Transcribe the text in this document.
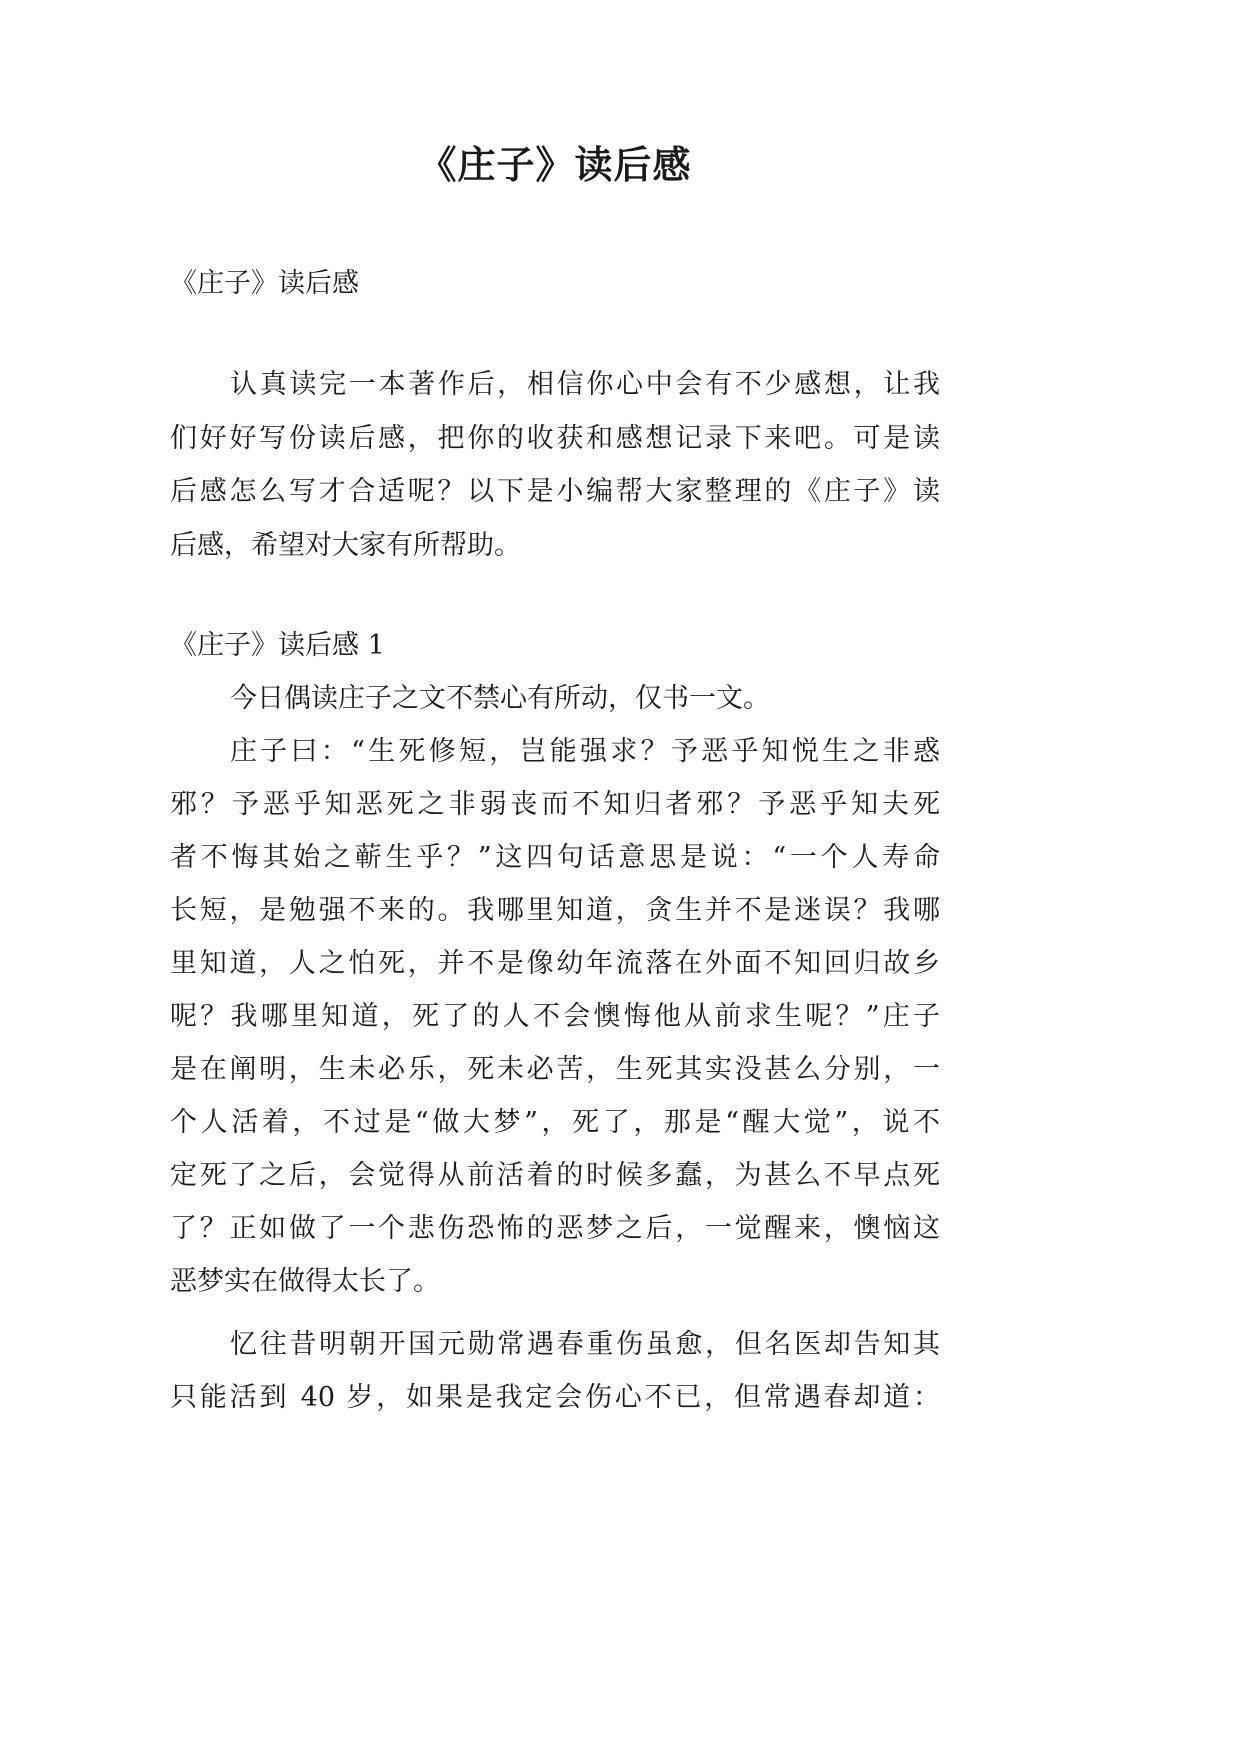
《庄子》读后感
《庄子》读后感
认真读完一本著作后，相信你心中会有不少感想，让我
们好好写份读后感，把你的收获和感想记录下来吧。可是读
后感怎么写才合适呢？以下是小编帮大家整理的《庄子》读
后感，希望对大家有所帮助。
《庄子》读后感 1
今日偶读庄子之文不禁心有所动，仅书一文。
庄子曰：“生死修短，岂能强求？予恶乎知悦生之非惑
邪？予恶乎知恶死之非弱丧而不知归者邪？予恶乎知夫死
者不悔其始之蕲生乎？”这四句话意思是说：“一个人寿命
长短，是勉强不来的。我哪里知道，贪生并不是迷误？我哪
里知道，人之怕死，并不是像幼年流落在外面不知回归故乡
呢？我哪里知道，死了的人不会懊悔他从前求生呢？”庄子
是在阐明，生未必乐，死未必苦，生死其实没甚么分别，一
个人活着，不过是“做大梦”，死了，那是“醒大觉”，说不
定死了之后，会觉得从前活着的时候多蠢，为甚么不早点死
了？正如做了一个悲伤恐怖的恶梦之后，一觉醒来，懊恼这
恶梦实在做得太长了。
忆往昔明朝开国元勋常遇春重伤虽愈，但名医却告知其
只能活到 40 岁，如果是我定会伤心不已，但常遇春却道：
